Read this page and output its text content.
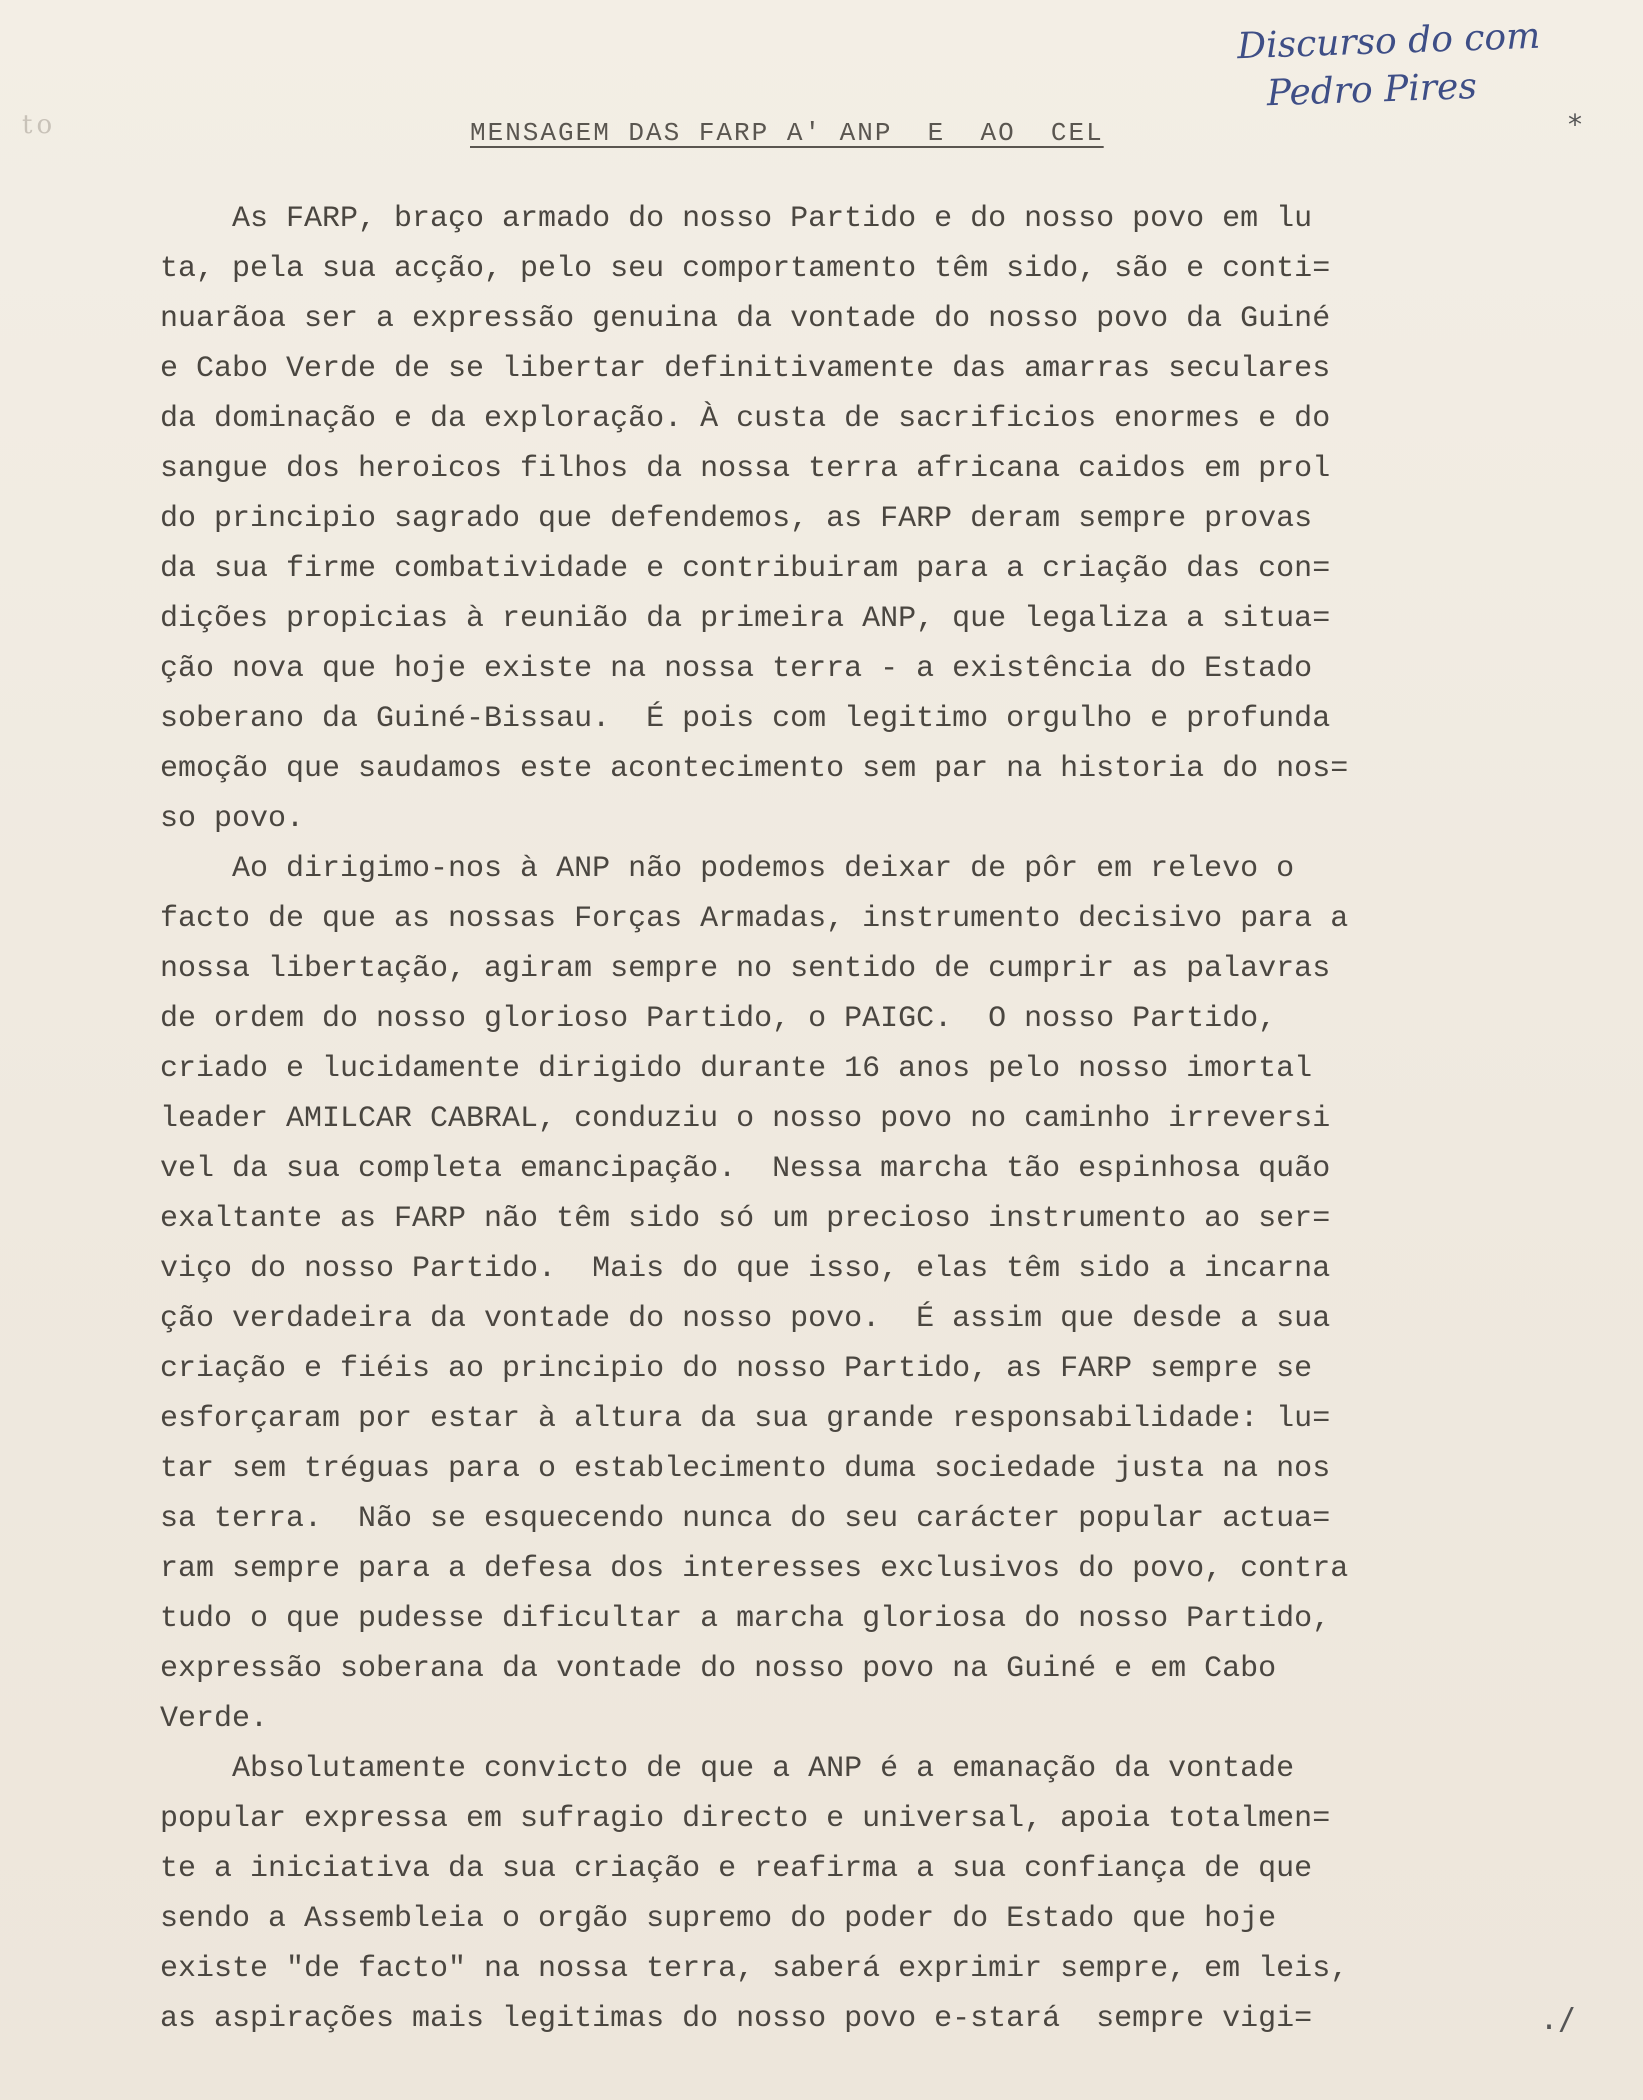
to
Discurso do com
Pedro Pires
*
MENSAGEM DAS FARP A' ANP  E  AO  CEL
As FARP, braço armado do nosso Partido e do nosso povo em lu
ta, pela sua acção, pelo seu comportamento têm sido, são e conti=
nuarãoa ser a expressão genuina da vontade do nosso povo da Guiné
e Cabo Verde de se libertar definitivamente das amarras seculares
da dominação e da exploração. À custa de sacrificios enormes e do
sangue dos heroicos filhos da nossa terra africana caidos em prol
do principio sagrado que defendemos, as FARP deram sempre provas
da sua firme combatividade e contribuiram para a criação das con=
dições propicias à reunião da primeira ANP, que legaliza a situa=
ção nova que hoje existe na nossa terra - a existência do Estado
soberano da Guiné-Bissau.  É pois com legitimo orgulho e profunda
emoção que saudamos este acontecimento sem par na historia do nos=
so povo.
Ao dirigimo-nos à ANP não podemos deixar de pôr em relevo o
facto de que as nossas Forças Armadas, instrumento decisivo para a
nossa libertação, agiram sempre no sentido de cumprir as palavras
de ordem do nosso glorioso Partido, o PAIGC.  O nosso Partido,
criado e lucidamente dirigido durante 16 anos pelo nosso imortal
leader AMILCAR CABRAL, conduziu o nosso povo no caminho irreversi
vel da sua completa emancipação.  Nessa marcha tão espinhosa quão
exaltante as FARP não têm sido só um precioso instrumento ao ser=
viço do nosso Partido.  Mais do que isso, elas têm sido a incarna
ção verdadeira da vontade do nosso povo.  É assim que desde a sua
criação e fiéis ao principio do nosso Partido, as FARP sempre se
esforçaram por estar à altura da sua grande responsabilidade: lu=
tar sem tréguas para o establecimento duma sociedade justa na nos
sa terra.  Não se esquecendo nunca do seu carácter popular actua=
ram sempre para a defesa dos interesses exclusivos do povo, contra
tudo o que pudesse dificultar a marcha gloriosa do nosso Partido,
expressão soberana da vontade do nosso povo na Guiné e em Cabo
Verde.
Absolutamente convicto de que a ANP é a emanação da vontade
popular expressa em sufragio directo e universal, apoia totalmen=
te a iniciativa da sua criação e reafirma a sua confiança de que
sendo a Assembleia o orgão supremo do poder do Estado que hoje
existe "de facto" na nossa terra, saberá exprimir sempre, em leis,
as aspirações mais legitimas do nosso povo e-stará  sempre vigi=	./
